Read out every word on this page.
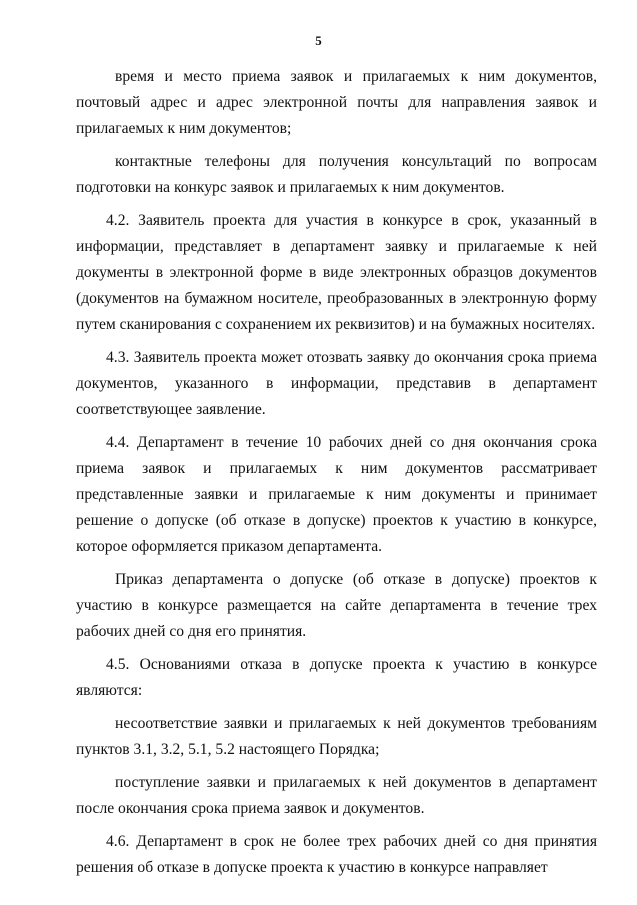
5

время и место приема заявок и прилагаемых к ним документов, почтовый адрес и адрес электронной почты для направления заявок и прилагаемых к ним документов;

контактные телефоны для получения консультаций по вопросам подготовки на конкурс заявок и прилагаемых к ним документов.

4.2. Заявитель проекта для участия в конкурсе в срок, указанный в информации, представляет в департамент заявку и прилагаемые к ней документы в электронной форме в виде электронных образцов документов (документов на бумажном носителе, преобразованных в электронную форму путем сканирования с сохранением их реквизитов) и на бумажных носителях.

4.3. Заявитель проекта может отозвать заявку до окончания срока приема документов, указанного в информации, представив в департамент соответствующее заявление.

4.4. Департамент в течение 10 рабочих дней со дня окончания срока приема заявок и прилагаемых к ним документов рассматривает представленные заявки и прилагаемые к ним документы и принимает решение о допуске (об отказе в допуске) проектов к участию в конкурсе, которое оформляется приказом департамента.

Приказ департамента о допуске (об отказе в допуске) проектов к участию в конкурсе размещается на сайте департамента в течение трех рабочих дней со дня его принятия.

4.5. Основаниями отказа в допуске проекта к участию в конкурсе являются:

несоответствие заявки и прилагаемых к ней документов требованиям пунктов 3.1, 3.2, 5.1, 5.2 настоящего Порядка;

поступление заявки и прилагаемых к ней документов в департамент после окончания срока приема заявок и документов.

4.6. Департамент в срок не более трех рабочих дней со дня принятия решения об отказе в допуске проекта к участию в конкурсе направляет
